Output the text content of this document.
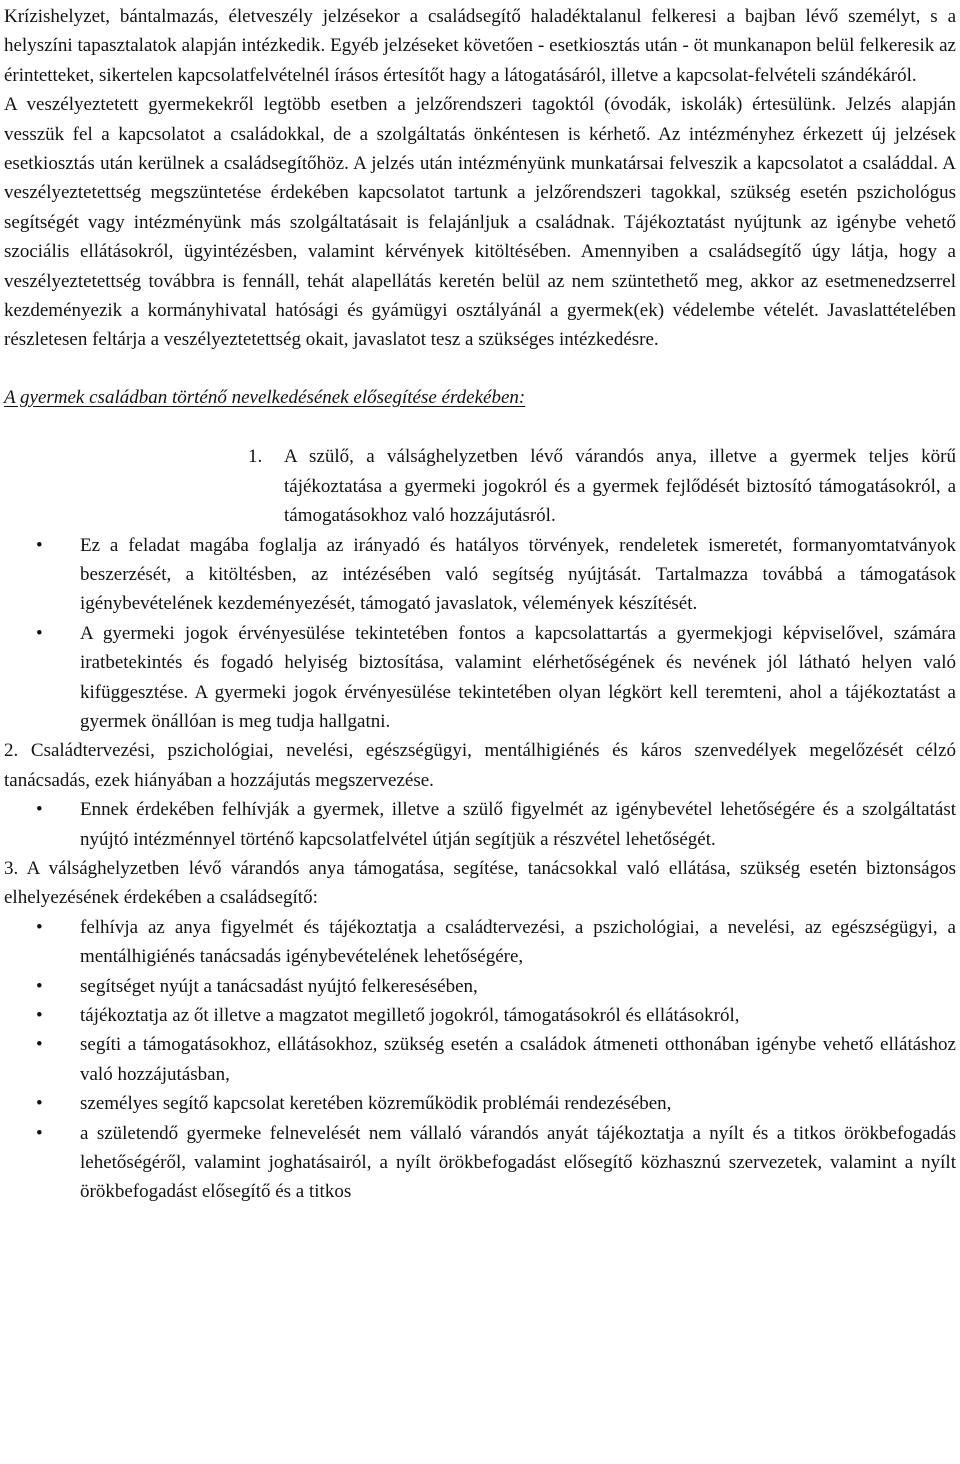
Krízishelyzet, bántalmazás, életveszély jelzésekor a családsegítő haladéktalanul felkeresi a bajban lévő személyt, s a helyszíni tapasztalatok alapján intézkedik. Egyéb jelzéseket követően - esetkiosztás után - öt munkanapon belül felkeresik az érintetteket, sikertelen kapcsolatfelvételnél írásos értesítőt hagy a látogatásáról, illetve a kapcsolat-felvételi szándékáról.

A veszélyeztetett gyermekekről legtöbb esetben a jelzőrendszeri tagoktól (óvodák, iskolák) értesülünk. Jelzés alapján vesszük fel a kapcsolatot a családokkal, de a szolgáltatás önkéntesen is kérhető. Az intézményhez érkezett új jelzések esetkiosztás után kerülnek a családsegítőhöz. A jelzés után intézményünk munkatársai felveszik a kapcsolatot a családdal. A veszélyeztetettség megszüntetése érdekében kapcsolatot tartunk a jelzőrendszeri tagokkal, szükség esetén pszichológus segítségét vagy intézményünk más szolgáltatásait is felajánljuk a családnak. Tájékoztatást nyújtunk az igénybe vehető szociális ellátásokról, ügyintézésben, valamint kérvények kitöltésében. Amennyiben a családsegítő úgy látja, hogy a veszélyeztetettség továbbra is fennáll, tehát alapellátás keretén belül az nem szüntethető meg, akkor az esetmenedzserrel kezdeményezik a kormányhivatal hatósági és gyámügyi osztályánál a gyermek(ek) védelembe vételét. Javaslattételében részletesen feltárja a veszélyeztetettség okait, javaslatot tesz a szükséges intézkedésre.

A gyermek családban történő nevelkedésének elősegítése érdekében:

1. A szülő, a válsághelyzetben lévő várandós anya, illetve a gyermek teljes körű tájékoztatása a gyermeki jogokról és a gyermek fejlődését biztosító támogatásokról, a támogatásokhoz való hozzájutásról.

• Ez a feladat magába foglalja az irányadó és hatályos törvények, rendeletek ismeretét, formanyomtatványok beszerzését, a kitöltésben, az intézésében való segítség nyújtását. Tartalmazza továbbá a támogatások igénybevételének kezdeményezését, támogató javaslatok, vélemények készítését.

• A gyermeki jogok érvényesülése tekintetében fontos a kapcsolattartás a gyermekjogi képviselővel, számára iratbetekintés és fogadó helyiség biztosítása, valamint elérhetőségének és nevének jól látható helyen való kifüggesztése. A gyermeki jogok érvényesülése tekintetében olyan légkört kell teremteni, ahol a tájékoztatást a gyermek önállóan is meg tudja hallgatni.

2. Családtervezési, pszichológiai, nevelési, egészségügyi, mentálhigiénés és káros szenvedélyek megelőzését célzó tanácsadás, ezek hiányában a hozzájutás megszervezése.

• Ennek érdekében felhívják a gyermek, illetve a szülő figyelmét az igénybevétel lehetőségére és a szolgáltatást nyújtó intézménnyel történő kapcsolatfelvétel útján segítjük a részvétel lehetőségét.

3. A válsághelyzetben lévő várandós anya támogatása, segítése, tanácsokkal való ellátása, szükség esetén biztonságos elhelyezésének érdekében a családsegítő:

• felhívja az anya figyelmét és tájékoztatja a családtervezési, a pszichológiai, a nevelési, az egészségügyi, a mentálhigiénés tanácsadás igénybevételének lehetőségére,

• segítséget nyújt a tanácsadást nyújtó felkeresésében,

• tájékoztatja az őt illetve a magzatot megillető jogokról, támogatásokról és ellátásokról,

• segíti a támogatásokhoz, ellátásokhoz, szükség esetén a családok átmeneti otthonában igénybe vehető ellátáshoz való hozzájutásban,

• személyes segítő kapcsolat keretében közreműködik problémái rendezésében,

• a születendő gyermeke felnevelését nem vállaló várandós anyát tájékoztatja a nyílt és a titkos örökbefogadás lehetőségéről, valamint joghatásairól, a nyílt örökbefogadást elősegítő közhasznú szervezetek, valamint a nyílt örökbefogadást elősegítő és a titkos
